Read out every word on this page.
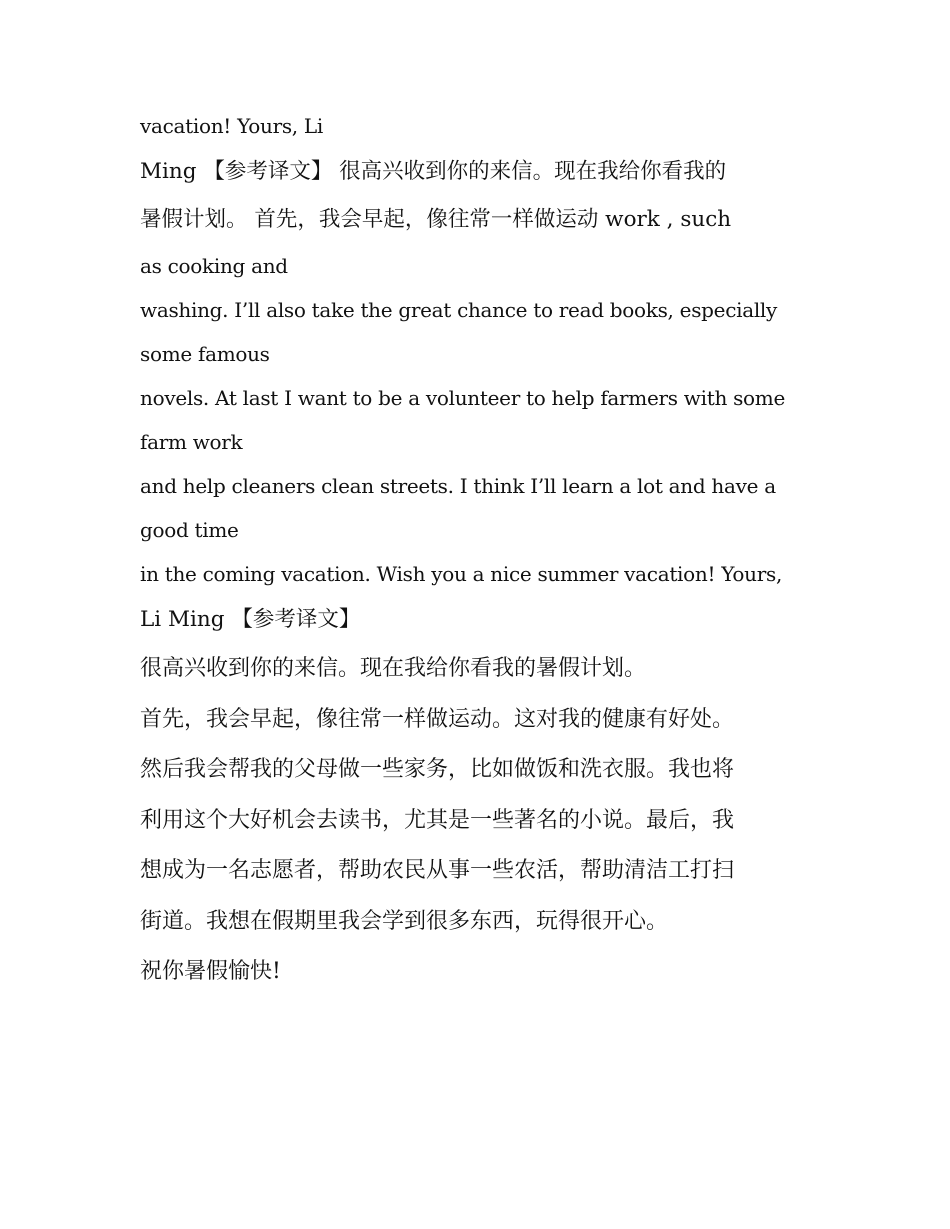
vacation! Yours, Li
Ming 【参考译文】 很高兴收到你的来信。现在我给你看我的
暑假计划。 首先，我会早起，像往常一样做运动 work , such
as cooking and
washing. I’ll also take the great chance to read books, especially
some famous
novels. At last I want to be a volunteer to help farmers with some
farm work
and help cleaners clean streets. I think I’ll learn a lot and have a
good time
in the coming vacation. Wish you a nice summer vacation! Yours,
Li Ming 【参考译文】
很高兴收到你的来信。现在我给你看我的暑假计划。
首先，我会早起，像往常一样做运动。这对我的健康有好处。
然后我会帮我的父母做一些家务，比如做饭和洗衣服。我也将
利用这个大好机会去读书，尤其是一些著名的小说。最后，我
想成为一名志愿者，帮助农民从事一些农活，帮助清洁工打扫
街道。我想在假期里我会学到很多东西，玩得很开心。
祝你暑假愉快!
